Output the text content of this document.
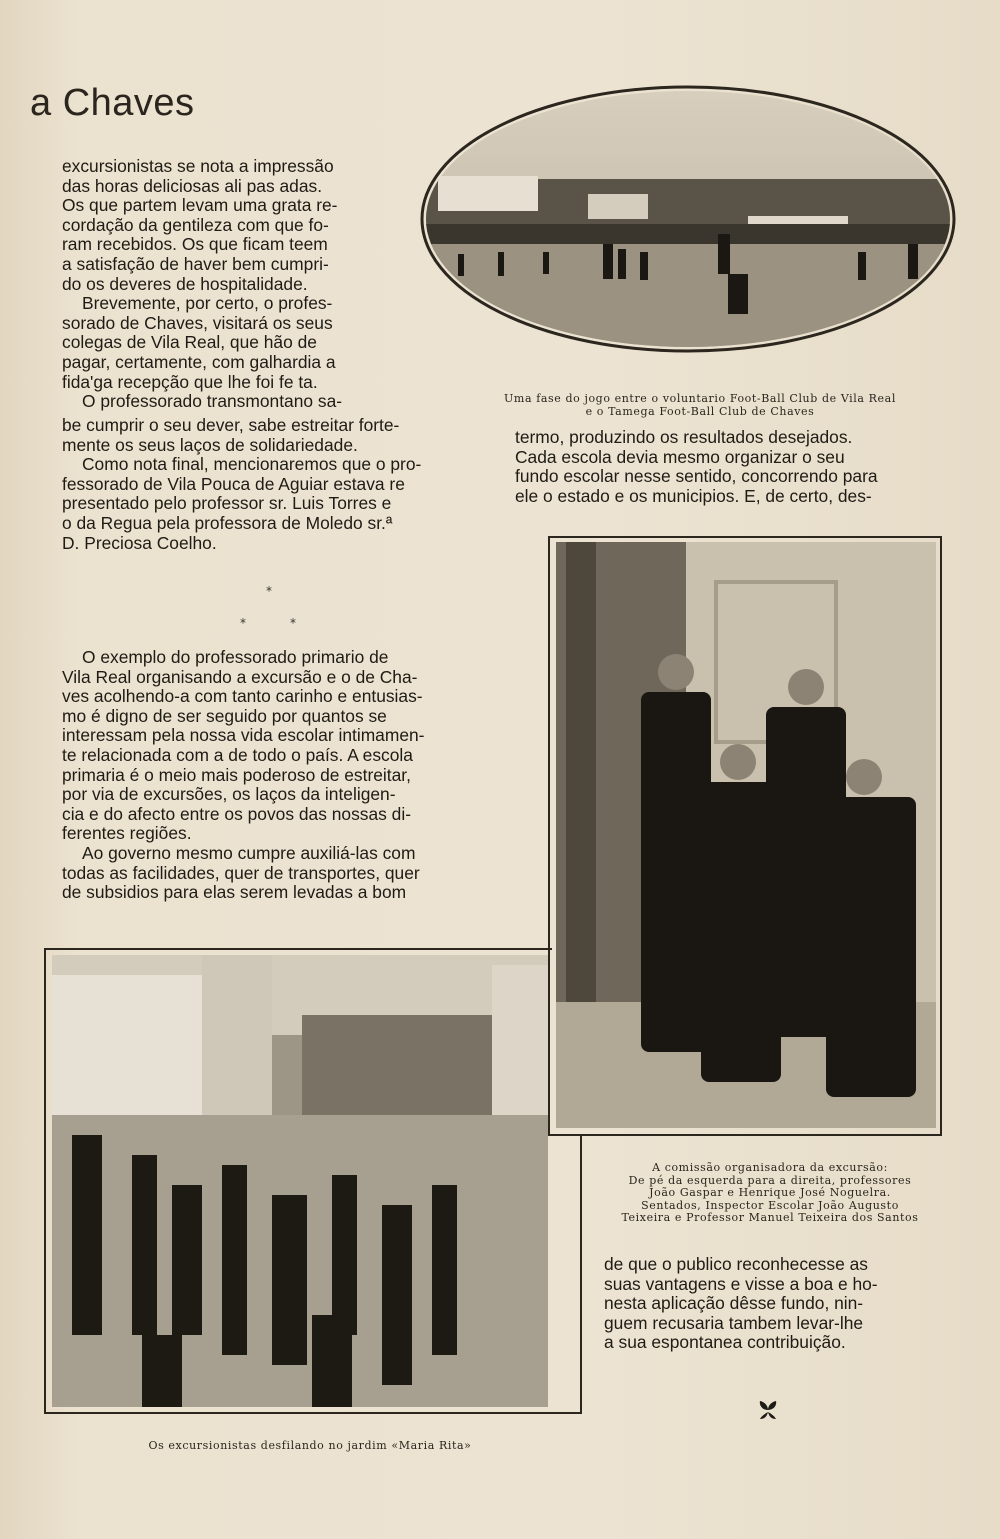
a Chaves
Uma fase do jogo entre o voluntario Foot-Ball Club de Vila Real
e o Tamega Foot-Ball Club de Chaves

excursionistas se nota a impressão

das horas deliciosas ali pas adas.

Os que partem levam uma grata re-

cordação da gentileza com que fo-

ram recebidos. Os que ficam teem

a satisfação de haver bem cumpri-

do os deveres de hospitalidade.

Brevemente, por certo, o profes-

sorado de Chaves, visitará os seus

colegas de Vila Real, que hão de

pagar, certamente, com galhardia a

fida'ga recepção que lhe foi fe ta.

O professorado transmontano sa-

be cumprir o seu dever, sabe estreitar forte-

mente os seus laços de solidariedade.

Como nota final, mencionaremos que o pro-

fessorado de Vila Pouca de Aguiar estava re

presentado pelo professor sr. Luis Torres e

o da Regua pela professora de Moledo sr.ª

D. Preciosa Coelho.

*
*	*

O exemplo do professorado primario de

Vila Real organisando a excursão e o de Cha-

ves acolhendo-a com tanto carinho e entusias-

mo é digno de ser seguido por quantos se

interessam pela nossa vida escolar intimamen-

te relacionada com a de todo o país. A escola

primaria é o meio mais poderoso de estreitar,

por via de excursões, os laços da inteligen-

cia e do afecto entre os povos das nossas di-

ferentes regiões.

Ao governo mesmo cumpre auxiliá-las com

todas as facilidades, quer de transportes, quer

de subsidios para elas serem levadas a bom

termo, produzindo os resultados desejados.

Cada escola devia mesmo organizar o seu

fundo escolar nesse sentido, concorrendo para

ele o estado e os municipios. E, de certo, des-

A comissão organisadora da excursão:
De pé da esquerda para a direita, professores
João Gaspar e Henrique José Noguelra.
Sentados, Inspector Escolar João Augusto
Teixeira e Professor Manuel Teixeira dos Santos

de que o publico reconhecesse as

suas vantagens e visse a boa e ho-

nesta aplicação dêsse fundo, nin-

guem recusaria tambem levar-lhe

a sua espontanea contribuição.

Os excursionistas desfilando no jardim «Maria Rita»
